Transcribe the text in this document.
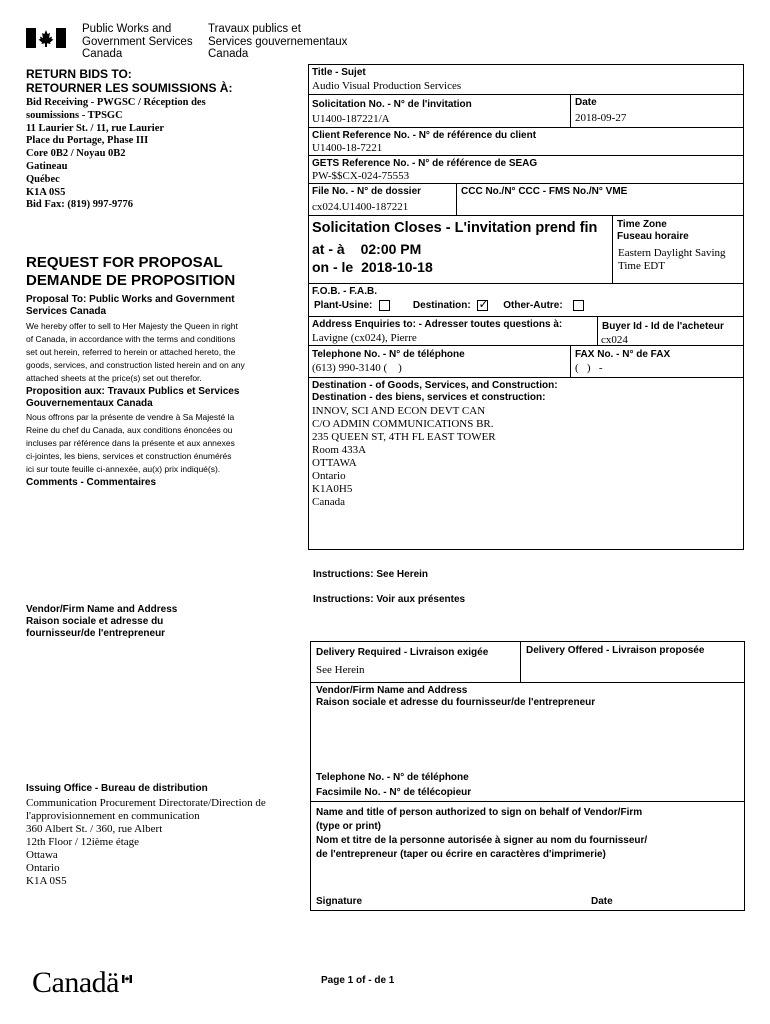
Public Works and
Government Services
Canada
Travaux publics et
Services gouvernementaux
Canada
RETURN BIDS TO:
RETOURNER LES SOUMISSIONS À:
Bid Receiving - PWGSC / Réception des
soumissions - TPSGC
11 Laurier St. / 11, rue Laurier
Place du Portage, Phase III
Core 0B2 / Noyau 0B2
Gatineau
Québec
K1A 0S5
Bid Fax: (819) 997-9776
REQUEST FOR PROPOSAL
DEMANDE DE PROPOSITION
Proposal To: Public Works and Government
Services Canada
We hereby offer to sell to Her Majesty the Queen in right
of Canada, in accordance with the terms and conditions
set out herein, referred to herein or attached hereto, the
goods, services, and construction listed herein and on any
attached sheets at the price(s) set out therefor.
Proposition aux: Travaux Publics et Services
Gouvernementaux Canada
Nous offrons par la présente de vendre à Sa Majesté la
Reine du chef du Canada, aux conditions énoncées ou
incluses par référence dans la présente et aux annexes
ci-jointes, les biens, services et construction énumérés
ici sur toute feuille ci-annexée, au(x) prix indiqué(s).
Comments - Commentaires
Vendor/Firm Name and Address
Raison sociale et adresse du
fournisseur/de l'entrepreneur
Issuing Office - Bureau de distribution
Communication Procurement Directorate/Direction de
l'approvisionnement en communication
360 Albert St. / 360, rue Albert
12th Floor / 12ième étage
Ottawa
Ontario
K1A 0S5
Title - Sujet
Audio Visual Production Services
Solicitation No. - N° de l'invitation
U1400-187221/A
Date
2018-09-27
Client Reference No. - N° de référence du client
U1400-18-7221
GETS Reference No. - N° de référence de SEAG
PW-$$CX-024-75553
File No. - N° de dossier
cx024.U1400-187221
CCC No./N° CCC - FMS No./N° VME
Solicitation Closes - L'invitation prend fin
at - à 02:00 PM
on - le 2018-10-18
Time Zone
Fuseau horaire
Eastern Daylight Saving
Time EDT
F.O.B. - F.A.B.
Plant-Usine:	Destination: ✓ Other-Autre:
Address Enquiries to: - Adresser toutes questions à:
Lavigne (cx024), Pierre
Buyer Id - Id de l'acheteur
cx024
Telephone No. - N° de téléphone
(613) 990-3140 (    )
FAX No. - N° de FAX
(   )   -
Destination - of Goods, Services, and Construction:
Destination - des biens, services et construction:
INNOV, SCI AND ECON DEVT CAN
C/O ADMIN COMMUNICATIONS BR.
235 QUEEN ST, 4TH FL EAST TOWER
Room 433A
OTTAWA
Ontario
K1A0H5
Canada
Instructions: See Herein
Instructions: Voir aux présentes
Delivery Required - Livraison exigée
See Herein
Delivery Offered - Livraison proposée
Vendor/Firm Name and Address
Raison sociale et adresse du fournisseur/de l'entrepreneur
Telephone No. - N° de téléphone
Facsimile No. - N° de télécopieur
Name and title of person authorized to sign on behalf of Vendor/Firm
(type or print)
Nom et titre de la personne autorisée à signer au nom du fournisseur/
de l'entrepreneur (taper ou écrire en caractères d'imprimerie)
Signature	Date
Canadä	Page 1 of - de 1
